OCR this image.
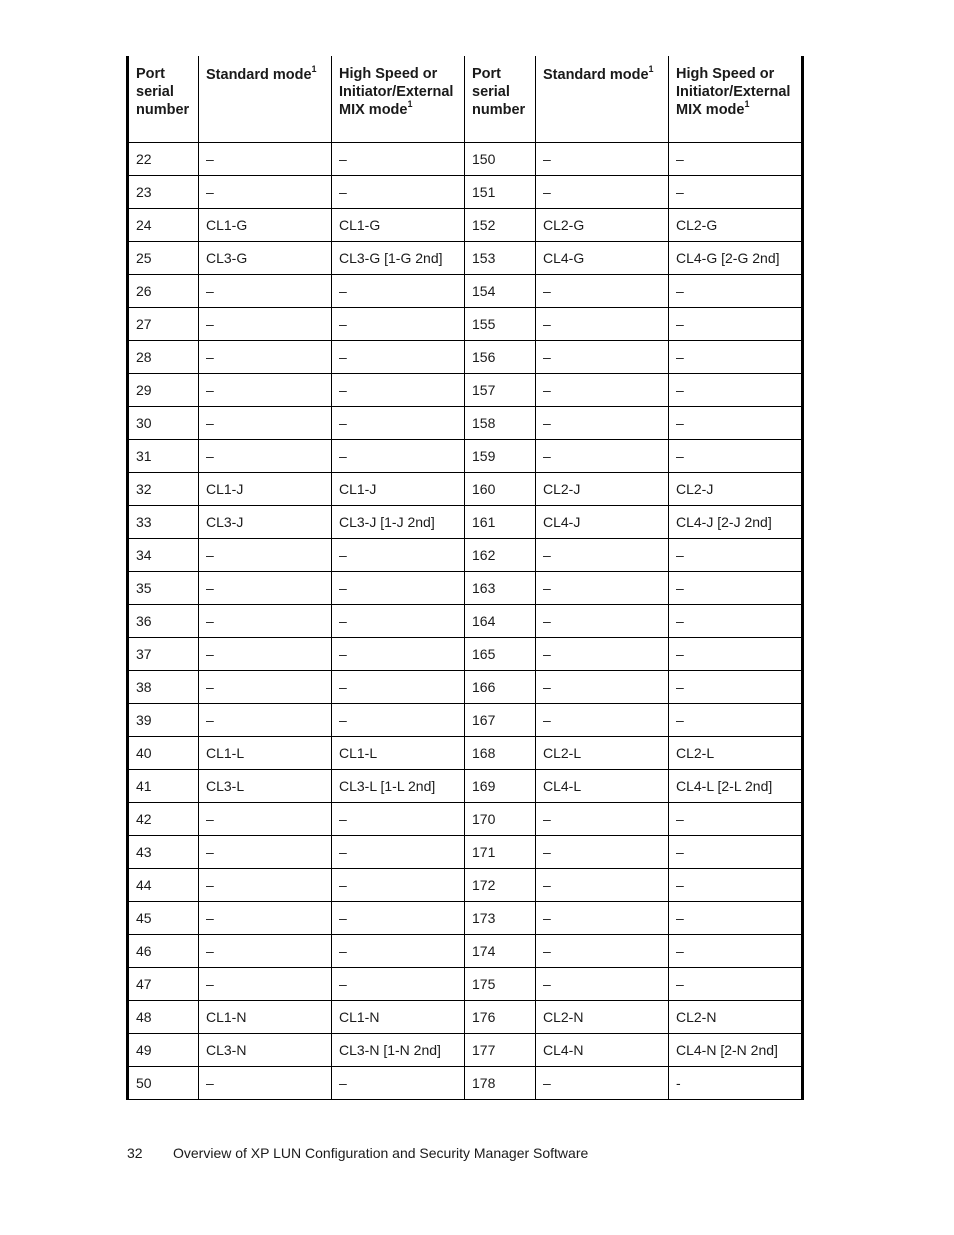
Port serial number	Standard mode$^1$	High Speed or Initiator/External MIX mode$^1$	Port serial number	Standard mode$^1$	High Speed or Initiator/External MIX mode$^1$
22	–	–	150	–	–
23	–	–	151	–	–
24	CL1-G	CL1-G	152	CL2-G	CL2-G
25	CL3-G	CL3-G [1-G 2nd]	153	CL4-G	CL4-G [2-G 2nd]
26	–	–	154	–	–
27	–	–	155	–	–
28	–	–	156	–	–
29	–	–	157	–	–
30	–	–	158	–	–
31	–	–	159	–	–
32	CL1-J	CL1-J	160	CL2-J	CL2-J
33	CL3-J	CL3-J [1-J 2nd]	161	CL4-J	CL4-J [2-J 2nd]
34	–	–	162	–	–
35	–	–	163	–	–
36	–	–	164	–	–
37	–	–	165	–	–
38	–	–	166	–	–
39	–	–	167	–	–
40	CL1-L	CL1-L	168	CL2-L	CL2-L
41	CL3-L	CL3-L [1-L 2nd]	169	CL4-L	CL4-L [2-L 2nd]
42	–	–	170	–	–
43	–	–	171	–	–
44	–	–	172	–	–
45	–	–	173	–	–
46	–	–	174	–	–
47	–	–	175	–	–
48	CL1-N	CL1-N	176	CL2-N	CL2-N
49	CL3-N	CL3-N [1-N 2nd]	177	CL4-N	CL4-N [2-N 2nd]
50	–	–	178	–	-
32 Overview of XP LUN Configuration and Security Manager Software
